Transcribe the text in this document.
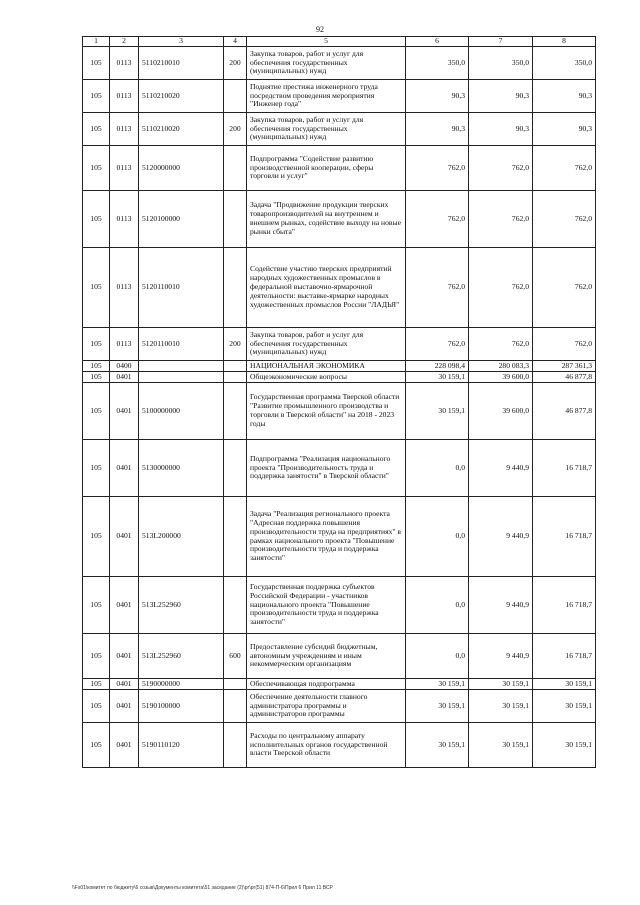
92
1	2	3	4	5	6	7	8
105	0113	5110210010	200	Закупка товаров, работ и услуг для обеспечения государственных (муниципальных) нужд	350,0	350,0	350,0
105	0113	5110210020		Поднятие престижа инженерного труда посредством проведения мероприятия "Инженер года"	90,3	90,3	90,3
105	0113	5110210020	200	Закупка товаров, работ и услуг для обеспечения государственных (муниципальных) нужд	90,3	90,3	90,3
105	0113	5120000000		Подпрограмма "Содействие развитию производственной кооперации, сферы торговли и услуг"	762,0	762,0	762,0
105	0113	5120100000		Задача "Продвижение продукции тверских товаропроизводителей на внутреннем и внешнем рынках, содействие выходу на новые рынки сбыта"	762,0	762,0	762,0
105	0113	5120110010		Содействие участию тверских предприятий народных художественных промыслов в федеральной выставочно-ярмарочной деятельности: выставке-ярмарке народных художественных промыслов России "ЛАДЬЯ"	762,0	762,0	762,0
105	0113	5120110010	200	Закупка товаров, работ и услуг для обеспечения государственных (муниципальных) нужд	762,0	762,0	762,0
105	0400			НАЦИОНАЛЬНАЯ ЭКОНОМИКА	228 098,4	280 083,3	287 361,3
105	0401			Общеэкономические вопросы	30 159,1	39 600,0	46 877,8
105	0401	5100000000		Государственная программа Тверской области "Развитие промышленного производства и торговли в Тверской области" на 2018 - 2023 годы	30 159,1	39 600,0	46 877,8
105	0401	5130000000		Подпрограмма "Реализация национального проекта "Производительность труда и поддержка занятости" в Тверской области"	0,0	9 440,9	16 718,7
105	0401	513L200000		Задача "Реализация регионального проекта "Адресная поддержка повышения производительности труда на предприятиях" в рамках национального проекта "Повышение производительности труда и поддержка занятости"	0,0	9 440,9	16 718,7
105	0401	513L252960		Государственная поддержка субъектов Российской Федерации - участников национального проекта "Повышение производительности труда и поддержка занятости"	0,0	9 440,9	16 718,7
105	0401	513L252960	600	Предоставление субсидий бюджетным, автономным учреждениям и иным некоммерческим организациям	0,0	9 440,9	16 718,7
105	0401	5190000000		Обеспечивающая подпрограмма	30 159,1	30 159,1	30 159,1
105	0401	5190100000		Обеспечение деятельности главного администратора программы и администраторов программы	30 159,1	30 159,1	30 159,1
105	0401	5190110120		Расходы по центральному аппарату исполнительных органов государственной власти Тверской области	30 159,1	30 159,1	30 159,1
\\Fs01\комитет по бюджету\6 созыв\Документы комитета\51 заседание (2)\рг\рг(51) 874-П-6\Прил 6 Прил 11 ВСР
